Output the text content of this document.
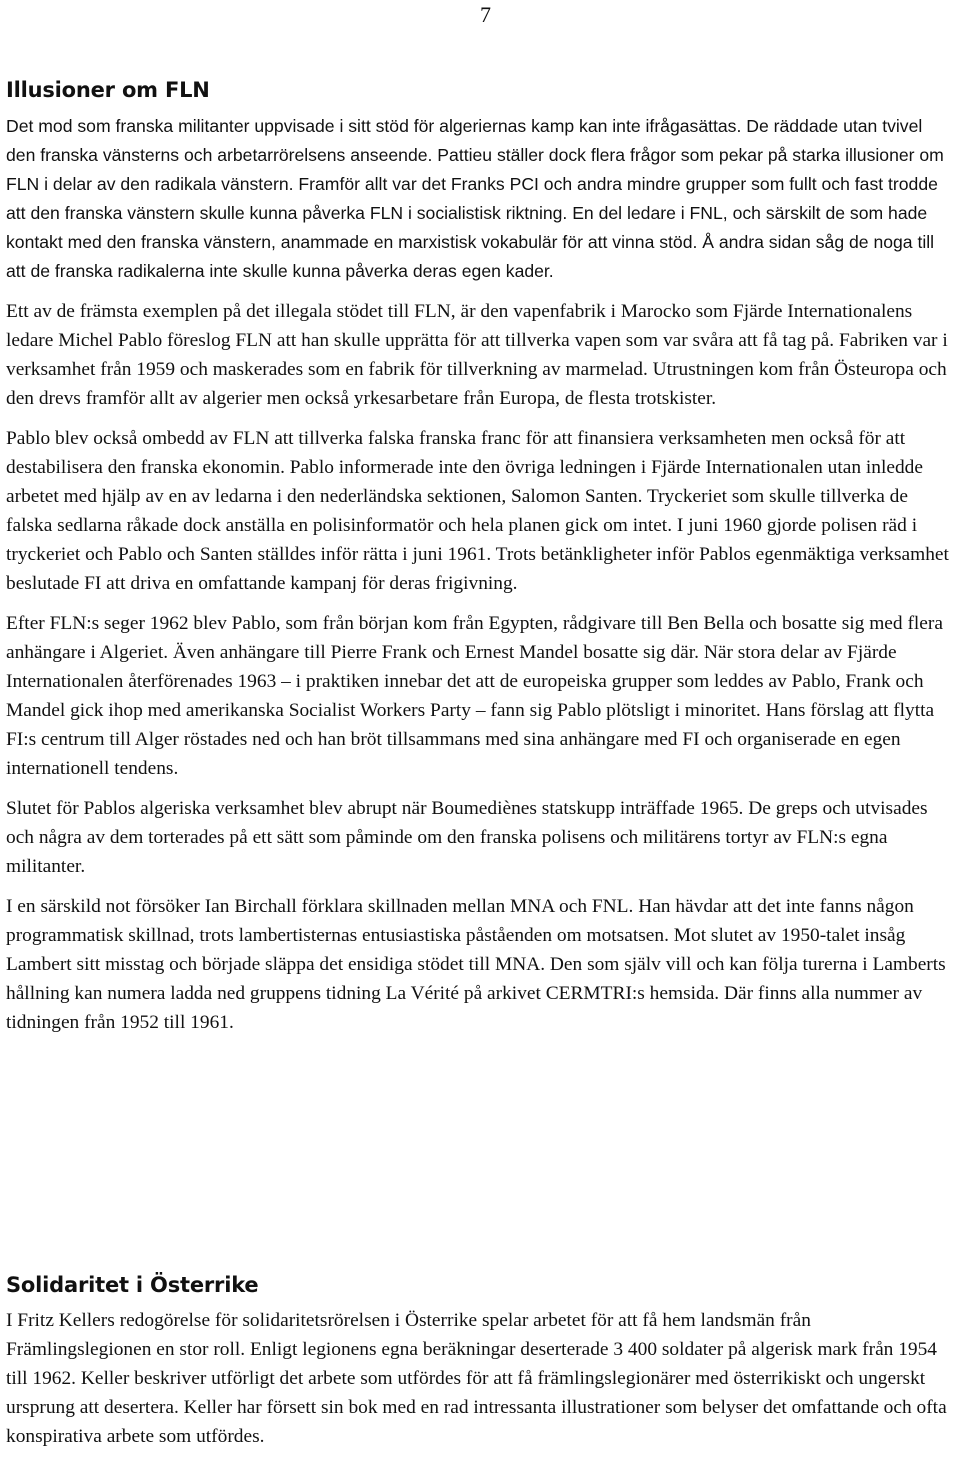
7
Illusioner om FLN

Det mod som franska militanter uppvisade i sitt stöd för algeriernas kamp kan inte ifrågasättas. De räddade utan tvivel den franska vänsterns och arbetarrörelsens anseende. Pattieu ställer dock flera frågor som pekar på starka illusioner om FLN i delar av den radikala vänstern. Framför allt var det Franks PCI och andra mindre grupper som fullt och fast trodde att den franska vänstern skulle kunna påverka FLN i socialistisk riktning. En del ledare i FNL, och särskilt de som hade kontakt med den franska vänstern, anammade en marxistisk vokabulär för att vinna stöd. Å andra sidan såg de noga till att de franska radikalerna inte skulle kunna påverka deras egen kader.

Ett av de främsta exemplen på det illegala stödet till FLN, är den vapenfabrik i Marocko som Fjärde Internationalens ledare Michel Pablo föreslog FLN att han skulle upprätta för att tillverka vapen som var svåra att få tag på. Fabriken var i verksamhet från 1959 och maskerades som en fabrik för tillverkning av marmelad. Utrustningen kom från Östeuropa och den drevs framför allt av algerier men också yrkesarbetare från Europa, de flesta trotskister.

Pablo blev också ombedd av FLN att tillverka falska franska franc för att finansiera verksamheten men också för att destabilisera den franska ekonomin. Pablo informerade inte den övriga ledningen i Fjärde Internationalen utan inledde arbetet med hjälp av en av ledarna i den nederländska sektionen, Salomon Santen. Tryckeriet som skulle tillverka de falska sedlarna råkade dock anställa en polisinformatör och hela planen gick om intet. I juni 1960 gjorde polisen räd i tryckeriet och Pablo och Santen ställdes inför rätta i juni 1961. Trots betänkligheter inför Pablos egenmäktiga verksamhet beslutade FI att driva en omfattande kampanj för deras frigivning.

Efter FLN:s seger 1962 blev Pablo, som från början kom från Egypten, rådgivare till Ben Bella och bosatte sig med flera anhängare i Algeriet. Även anhängare till Pierre Frank och Ernest Mandel bosatte sig där. När stora delar av Fjärde Internationalen återförenades 1963 – i praktiken innebar det att de europeiska grupper som leddes av Pablo, Frank och Mandel gick ihop med amerikanska Socialist Workers Party – fann sig Pablo plötsligt i minoritet. Hans förslag att flytta FI:s centrum till Alger röstades ned och han bröt tillsammans med sina anhängare med FI och organiserade en egen internationell tendens.

Slutet för Pablos algeriska verksamhet blev abrupt när Boumediènes statskupp inträffade 1965. De greps och utvisades och några av dem torterades på ett sätt som påminde om den franska polisens och militärens tortyr av FLN:s egna militanter.

I en särskild not försöker Ian Birchall förklara skillnaden mellan MNA och FNL. Han hävdar att det inte fanns någon programmatisk skillnad, trots lambertisternas entusiastiska påståenden om motsatsen. Mot slutet av 1950-talet insåg Lambert sitt misstag och började släppa det ensidiga stödet till MNA. Den som själv vill och kan följa turerna i Lamberts hållning kan numera ladda ned gruppens tidning La Vérité på arkivet CERMTRI:s hemsida. Där finns alla nummer av tidningen från 1952 till 1961.

Solidaritet i Österrike

I Fritz Kellers redogörelse för solidaritetsrörelsen i Österrike spelar arbetet för att få hem landsmän från Främlingslegionen en stor roll. Enligt legionens egna beräkningar deserterade 3 400 soldater på algerisk mark från 1954 till 1962. Keller beskriver utförligt det arbete som utfördes för att få främlingslegionärer med österrikiskt och ungerskt ursprung att desertera. Keller har försett sin bok med en rad intressanta illustrationer som belyser det omfattande och ofta konspirativa arbete som utfördes.
